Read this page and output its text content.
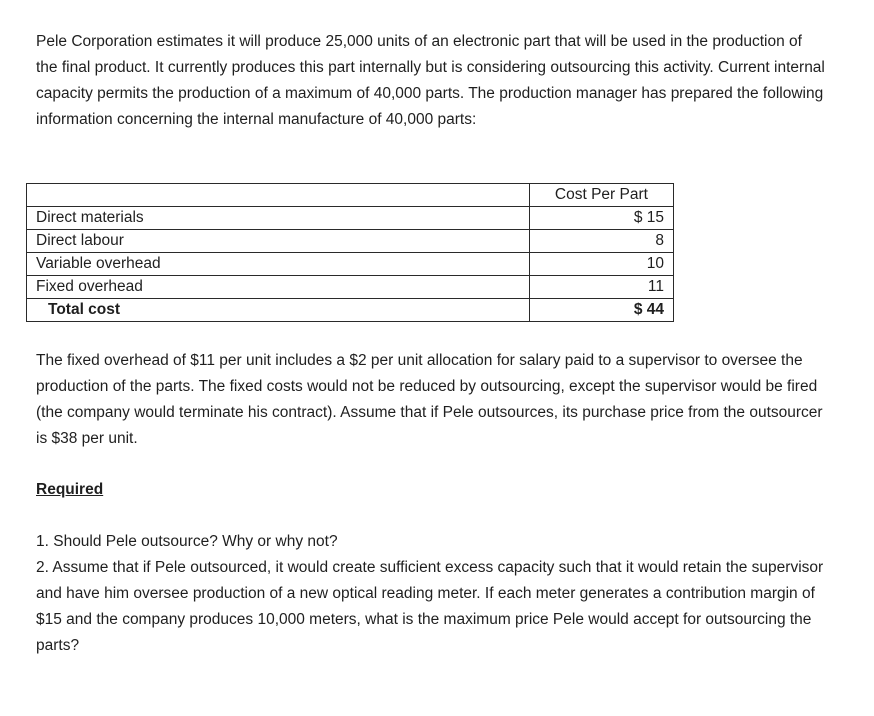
Pele Corporation estimates it will produce 25,000 units of an electronic part that will be used in the production of the final product. It currently produces this part internally but is considering outsourcing this activity. Current internal capacity permits the production of a maximum of 40,000 parts. The production manager has prepared the following information concerning the internal manufacture of 40,000 parts:

	Cost Per Part
Direct materials	$ 15
Direct labour	8
Variable overhead	10
Fixed overhead	11
Total cost	$ 44

The fixed overhead of $11 per unit includes a $2 per unit allocation for salary paid to a supervisor to oversee the production of the parts. The fixed costs would not be reduced by outsourcing, except the supervisor would be fired (the company would terminate his contract). Assume that if Pele outsources, its purchase price from the outsourcer is $38 per unit.

Required

1. Should Pele outsource? Why or why not?
2. Assume that if Pele outsourced, it would create sufficient excess capacity such that it would retain the supervisor and have him oversee production of a new optical reading meter. If each meter generates a contribution margin of $15 and the company produces 10,000 meters, what is the maximum price Pele would accept for outsourcing the parts?
